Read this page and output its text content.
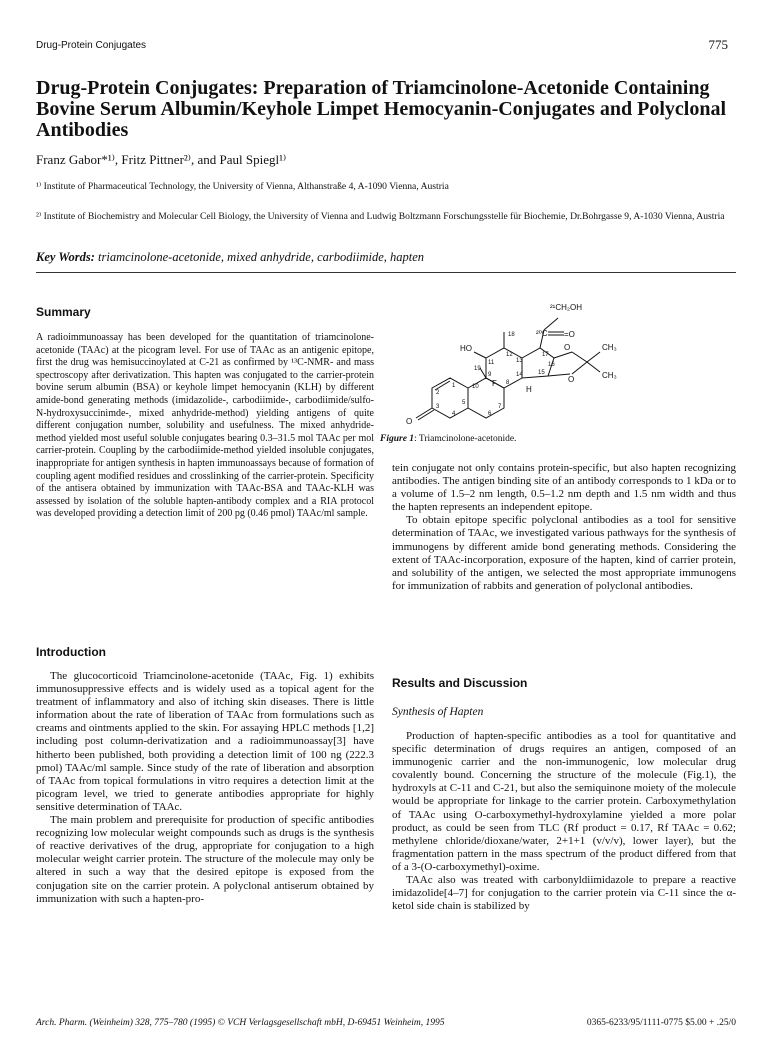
Drug-Protein Conjugates	775
Drug-Protein Conjugates: Preparation of Triamcinolone-Acetonide Containing Bovine Serum Albumin/Keyhole Limpet Hemocyanin-Conjugates and Polyclonal Antibodies
Franz Gabor*¹⁾, Fritz Pittner²⁾, and Paul Spiegl¹⁾
¹⁾ Institute of Pharmaceutical Technology, the University of Vienna, Althanstraße 4, A-1090 Vienna, Austria
²⁾ Institute of Biochemistry and Molecular Cell Biology, the University of Vienna and Ludwig Boltzmann Forschungsstelle für Biochemie, Dr.Bohrgasse 9, A-1030 Vienna, Austria
Key Words: triamcinolone-acetonide, mixed anhydride, carbodiimide, hapten
Summary
A radioimmunoassay has been developed for the quantitation of triamcinolone-acetonide (TAAc) at the picogram level. For use of TAAc as an antigenic epitope, first the drug was hemisuccinoylated at C-21 as confirmed by ¹³C-NMR- and mass spectroscopy after derivatization. This hapten was conjugated to the carrier-protein bovine serum albumin (BSA) or keyhole limpet hemocyanin (KLH) by different amide-bond generating methods (imidazolide-, carbodiimide-, carbodiimide/sulfo-N-hydroxysuccinimde-, mixed anhydride-method) yielding antigens of quite different conjugation number, solubility and usefulness. The mixed anhydride-method yielded most useful soluble conjugates bearing 0.3–31.5 mol TAAc per mol carrier-protein. Coupling by the carbodiimide-method yielded insoluble conjugates, inappropriate for antigen synthesis in hapten immunoassays because of formation of coupling agent modified residues and crosslinking of the carrier-protein. Specificity of the antisera obtained by immunization with TAAc-BSA and TAAc-KLH was assessed by isolation of the soluble hapten-antibody complex and a RIA protocol was developed providing a detection limit of 200 pg (0.46 pmol) TAAc/ml sample.
²¹CH₂OH
²⁰C =O
HO
O
CH₃
CH₃
F
H
O
O
1
2
3
4
5
6
7
8
9
10
11
12
13
14	15
16
17
18
19
Figure 1: Triamcinolone-acetonide.

tein conjugate not only contains protein-specific, but also hapten recognizing antibodies. The antigen binding site of an antibody corresponds to 1 kDa or to a volume of 1.5–2 nm length, 0.5–1.2 nm depth and 1.5 nm width and thus the hapten represents an independent epitope.

To obtain epitope specific polyclonal antibodies as a tool for sensitive determination of TAAc, we investigated various pathways for the synthesis of immunogens by different amide bond generating methods. Considering the extent of TAAc-incorporation, exposure of the hapten, kind of carrier protein, and solubility of the antigen, we selected the most appropriate immunogens for immunization of rabbits and generation of polyclonal antibodies.

Introduction

The glucocorticoid Triamcinolone-acetonide (TAAc, Fig. 1) exhibits immunosuppressive effects and is widely used as a topical agent for the treatment of inflammatory and also of itching skin diseases. There is little information about the rate of liberation of TAAc from formulations such as creams and ointments applied to the skin. For assaying HPLC methods [1,2] including post column-derivatization and a radioimmunoassay[3] have hitherto been published, both providing a detection limit of 100 ng (222.3 pmol) TAAc/ml sample. Since study of the rate of liberation and absorption of TAAc from topical formulations in vitro requires a detection limit at the picogram level, we tried to generate antibodies appropriate for highly sensitive determination of TAAc.

The main problem and prerequisite for production of specific antibodies recognizing low molecular weight compounds such as drugs is the synthesis of reactive derivatives of the drug, appropriate for conjugation to a high molecular weight carrier protein. The structure of the molecule may only be altered in such a way that the desired epitope is exposed from the conjugation site on the carrier protein. A polyclonal antiserum obtained by immunization with such a hapten-pro-

Results and Discussion
Synthesis of Hapten

Production of hapten-specific antibodies as a tool for quantitative and specific determination of drugs requires an antigen, composed of an immunogenic carrier and the non-immunogenic, low molecular drug covalently bound. Concerning the structure of the molecule (Fig.1), the hydroxyls at C-11 and C-21, but also the semiquinone moiety of the molecule would be appropriate for linkage to the carrier protein. Carboxymethylation of TAAc using O-carboxymethyl-hydroxylamine yielded a more polar product, as could be seen from TLC (Rf product = 0.17, Rf TAAc = 0.62; methylene chloride/dioxane/water, 2+1+1 (v/v/v), lower layer), but the fragmentation pattern in the mass spectrum of the product differed from that of a 3-(O-carboxymethyl)-oxime.

TAAc also was treated with carbonyldiimidazole to prepare a reactive imidazolide[4–7] for conjugation to the carrier protein via C-11 since the α-ketol side chain is stabilized by

Arch. Pharm. (Weinheim) 328, 775–780 (1995) © VCH Verlagsgesellschaft mbH, D-69451 Weinheim, 1995	0365-6233/95/1111-0775 $5.00 + .25/0
